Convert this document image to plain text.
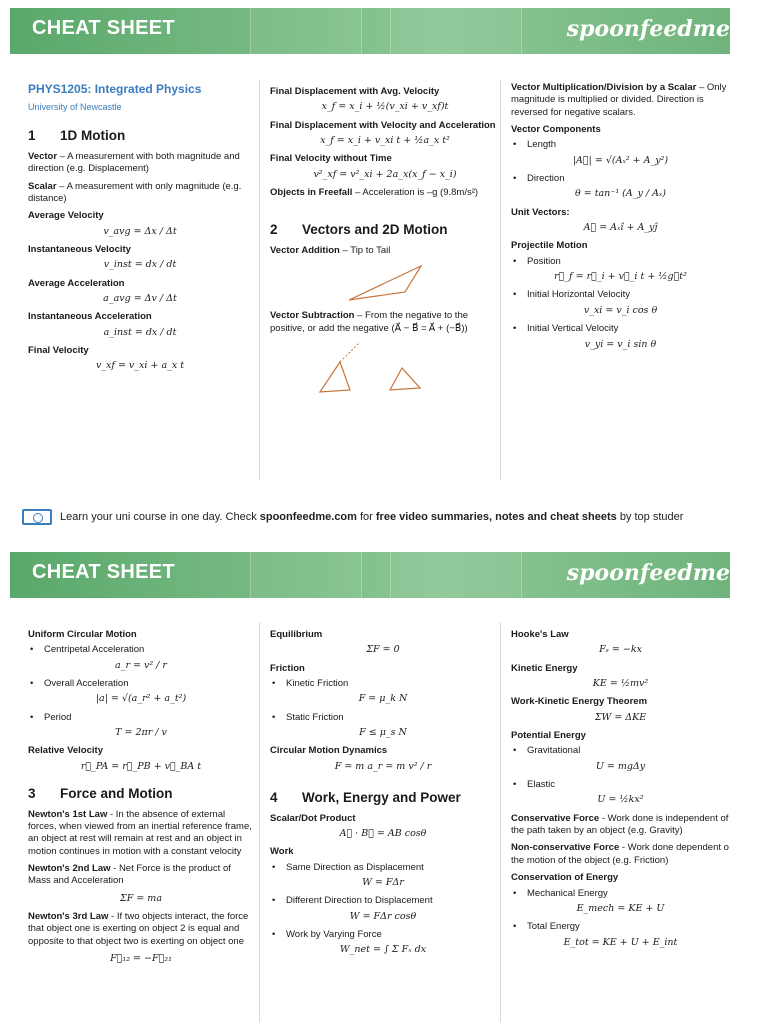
CHEAT SHEET	spoonfeedme
PHYS1205: Integrated Physics
University of Newcastle
1 1D Motion

Vector – A measurement with both magnitude and direction (e.g. Displacement)

Scalar – A measurement with only magnitude (e.g. distance)

Average Velocity
v_avg = Δx / Δt
Instantaneous Velocity
v_inst = dx / dt
Average Acceleration
a_avg = Δv / Δt
Instantaneous Acceleration
a_inst = dx / dt
Final Velocity
v_xf = v_xi + a_x t
Final Displacement with Avg. Velocity
x_f = x_i + ½(v_xi + v_xf)t
Final Displacement with Velocity and Acceleration
x_f = x_i + v_xi t + ½a_x t²
Final Velocity without Time
v²_xf = v²_xi + 2a_x(x_f − x_i)

Objects in Freefall – Acceleration is –g (9.8m/s²)

2 Vectors and 2D Motion

Vector Addition – Tip to Tail

Vector Subtraction – From the negative to the positive, or add the negative (A⃗ − B⃗ = A⃗ + (−B⃗))

Vector Multiplication/Division by a Scalar – Only magnitude is multiplied or divided. Direction is reversed for negative scalars.

Vector Components
• Length
|A⃗| = √(Aₓ² + A_y²)
• Direction
θ = tan⁻¹ (A_y / Aₓ)
Unit Vectors:
A⃗ = Aₓî + A_yĵ
Projectile Motion
• Position
r⃗_f = r⃗_i + v⃗_i t + ½g⃗t²
• Initial Horizontal Velocity
v_xi = v_i cos θ
• Initial Vertical Velocity
v_yi = v_i sin θ
Learn your uni course in one day. Check spoonfeedme.com for free video summaries, notes and cheat sheets by top studer
CHEAT SHEET	spoonfeedme
Uniform Circular Motion
• Centripetal Acceleration
a_r = v² / r
• Overall Acceleration
|a| = √(a_r² + a_t²)
• Period
T = 2πr / v
Relative Velocity
r⃗_PA = r⃗_PB + v⃗_BA t
3 Force and Motion

Newton's 1st Law - In the absence of external forces, when viewed from an inertial reference frame, an object at rest will remain at rest and an object in motion continues in motion with a constant velocity

Newton's 2nd Law - Net Force is the product of Mass and Acceleration

ΣF = ma

Newton's 3rd Law - If two objects interact, the force that object one is exerting on object 2 is equal and opposite to that object two is exerting on object one

F⃗₁₂ = −F⃗₂₁
Equilibrium
ΣF = 0
Friction
• Kinetic Friction
F = μ_k N
• Static Friction
F ≤ μ_s N
Circular Motion Dynamics
F = m a_r = m v² / r
4 Work, Energy and Power
Scalar/Dot Product
A⃗ · B⃗ = AB cosθ
Work
• Same Direction as Displacement
W = FΔr
• Different Direction to Displacement
W = FΔr cosθ
• Work by Varying Force
W_net = ∫ Σ Fₓ dx
Hooke's Law
Fₛ = −kx
Kinetic Energy
KE = ½mv²
Work-Kinetic Energy Theorem
ΣW = ΔKE
Potential Energy
• Gravitational
U = mgΔy
• Elastic
U = ½kx²

Conservative Force - Work done is independent of the path taken by an object (e.g. Gravity)

Non-conservative Force - Work done dependent o the motion of the object (e.g. Friction)

Conservation of Energy
• Mechanical Energy
E_mech = KE + U
• Total Energy
E_tot = KE + U + E_int
